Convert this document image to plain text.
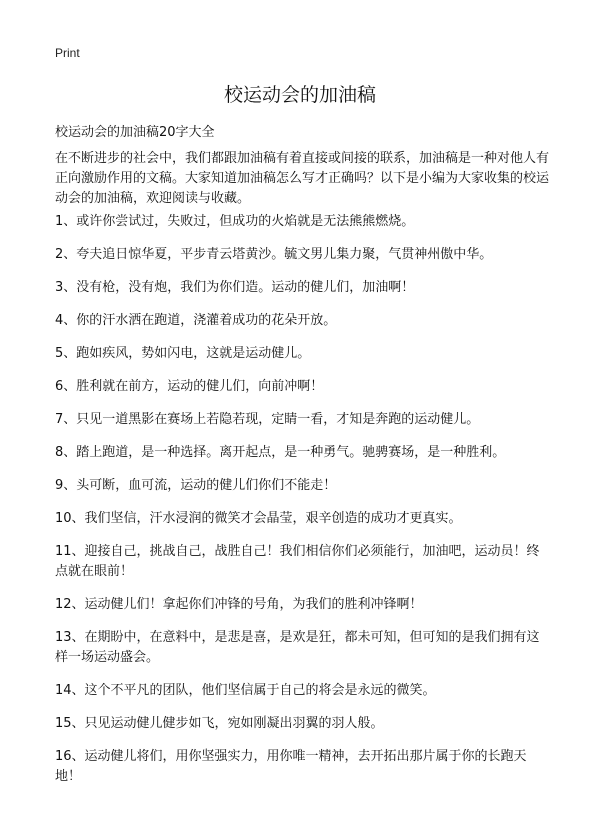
Print
校运动会的加油稿

校运动会的加油稿20字大全

在不断进步的社会中，我们都跟加油稿有着直接或间接的联系，加油稿是一种对他人有正向激励作用的文稿。大家知道加油稿怎么写才正确吗？以下是小编为大家收集的校运动会的加油稿，欢迎阅读与收藏。

1、或许你尝试过，失败过，但成功的火焰就是无法熊熊燃烧。
2、夸夫追日惊华夏，平步青云塔黄沙。毓文男儿集力聚，气贯神州傲中华。
3、没有枪，没有炮，我们为你们造。运动的健儿们，加油啊！
4、你的汗水洒在跑道，浇灌着成功的花朵开放。
5、跑如疾风，势如闪电，这就是运动健儿。
6、胜利就在前方，运动的健儿们，向前冲啊！
7、只见一道黑影在赛场上若隐若现，定睛一看，才知是奔跑的运动健儿。
8、踏上跑道，是一种选择。离开起点，是一种勇气。驰骋赛场，是一种胜利。
9、头可断，血可流，运动的健儿们你们不能走！
10、我们坚信，汗水浸润的微笑才会晶莹，艰辛创造的成功才更真实。
11、迎接自己，挑战自己，战胜自己！我们相信你们必须能行，加油吧，运动员！终点就在眼前！
12、运动健儿们！拿起你们冲锋的号角，为我们的胜利冲锋啊！
13、在期盼中，在意料中，是悲是喜，是欢是狂，都未可知，但可知的是我们拥有这样一场运动盛会。
14、这个不平凡的团队，他们坚信属于自己的将会是永远的微笑。
15、只见运动健儿健步如飞，宛如刚凝出羽翼的羽人般。
16、运动健儿将们，用你坚强实力，用你唯一精神，去开拓出那片属于你的长跑天地！
